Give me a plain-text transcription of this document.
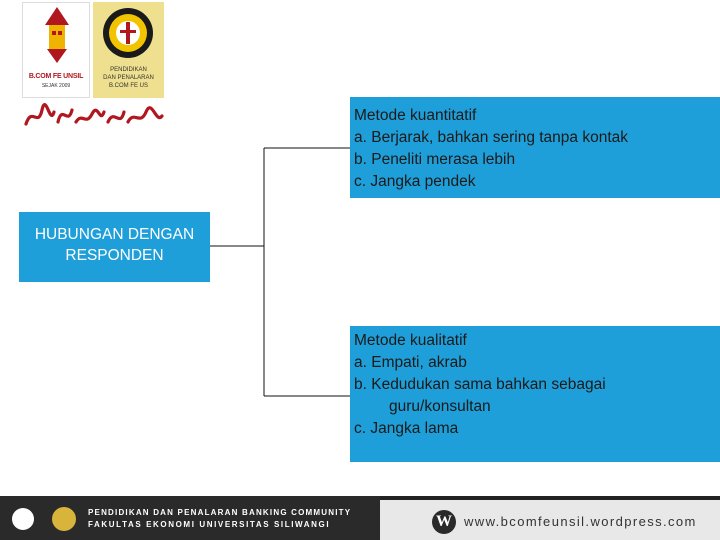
B.COM FE UNSIL
SEJAK 2009
PENDIDIKAN
DAN PENALARAN
B.COM FE US
HUBUNGAN DENGAN
RESPONDEN
Metode kuantitatif
a. Berjarak, bahkan sering tanpa kontak
b. Peneliti merasa lebih
c. Jangka pendek
Metode kualitatif
a. Empati, akrab
b. Kedudukan sama bahkan sebagai
guru/konsultan
c. Jangka lama
PENDIDIKAN DAN PENALARAN BANKING COMMUNITY
FAKULTAS EKONOMI UNIVERSITAS SILIWANGI	W www.bcomfeunsil.wordpress.com
